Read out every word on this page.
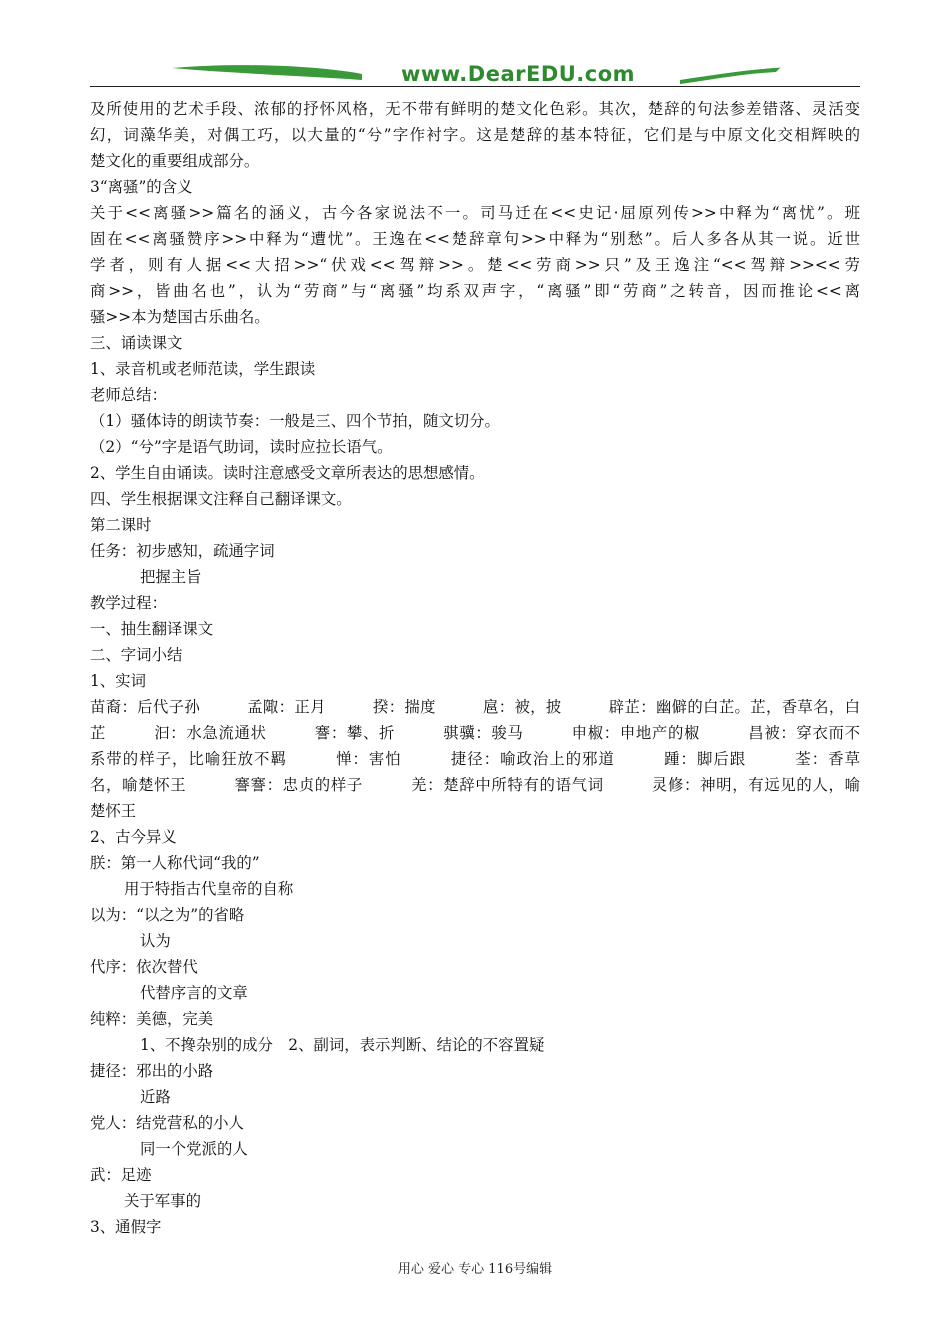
www.DearEDU.com

及所使用的艺术手段、浓郁的抒怀风格，无不带有鲜明的楚文化色彩。其次，楚辞的句法参差错落、灵活变

幻，词藻华美，对偶工巧，以大量的“兮”字作衬字。这是楚辞的基本特征，它们是与中原文化交相辉映的

楚文化的重要组成部分。

3“离骚”的含义

关于<<离骚>>篇名的涵义，古今各家说法不一。司马迁在<<史记·屈原列传>>中释为“离忧”。班

固在<<离骚赞序>>中释为“遭忧”。王逸在<<楚辞章句>>中释为“别愁”。后人多各从其一说。近世

学者，则有人据<<大招>>“伏戏<<驾辩>>。楚<<劳商>>只”及王逸注“<<驾辩>><<劳

商>>，皆曲名也”，认为“劳商”与“离骚”均系双声字，“离骚”即“劳商”之转音，因而推论<<离

骚>>本为楚国古乐曲名。

三、诵读课文

1、录音机或老师范读，学生跟读

老师总结：

（1）骚体诗的朗读节奏：一般是三、四个节拍，随文切分。

（2）“兮”字是语气助词，读时应拉长语气。

2、学生自由诵读。读时注意感受文章所表达的思想感情。

四、学生根据课文注释自己翻译课文。

第二课时

任务：初步感知，疏通字词

把握主旨

教学过程：

一、抽生翻译课文

二、字词小结

1、实词

苗裔：后代子孙　　　孟陬：正月　　　揆：揣度　　　扈：被，披　　　辟芷：幽僻的白芷。芷，香草名，白

芷　　　汩：水急流通状　　　謇：攀、折　　　骐骥：骏马　　　申椒：申地产的椒　　　昌被：穿衣而不

系带的样子，比喻狂放不羁　　　惮：害怕　　　捷径：喻政治上的邪道　　　踵：脚后跟　　　荃：香草

名，喻楚怀王　　　謇謇：忠贞的样子　　　羌：楚辞中所特有的语气词　　　灵修：神明，有远见的人，喻

楚怀王

2、古今异义

朕：第一人称代词“我的”

用于特指古代皇帝的自称

以为：“以之为”的省略

认为

代序：依次替代

代替序言的文章

纯粹：美德，完美

1、不搀杂别的成分　2、副词，表示判断、结论的不容置疑

捷径：邪出的小路

近路

党人：结党营私的小人

同一个党派的人

武：足迹

关于军事的

3、通假字

用心 爱心 专心 116号编辑
